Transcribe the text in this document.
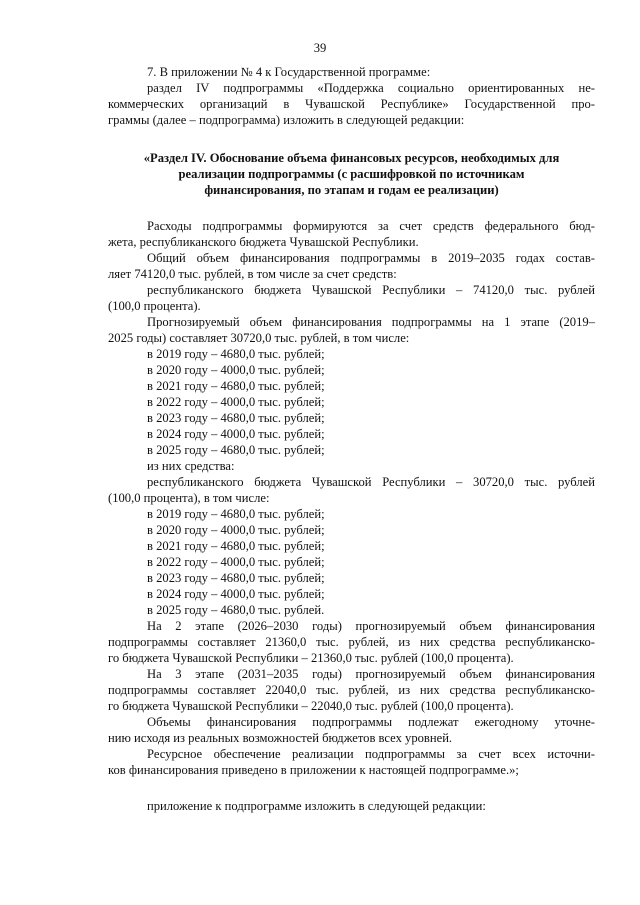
39
7. В приложении № 4 к Государственной программе:
раздел IV подпрограммы «Поддержка социально ориентированных не-
коммерческих организаций в Чувашской Республике» Государственной про-
граммы (далее – подпрограмма) изложить в следующей редакции:
«Раздел IV. Обоснование объема финансовых ресурсов, необходимых для
реализации подпрограммы (с расшифровкой по источникам
финансирования, по этапам и годам ее реализации)
Расходы подпрограммы формируются за счет средств федерального бюд-
жета, республиканского бюджета Чувашской Республики.
Общий объем финансирования подпрограммы в 2019–2035 годах состав-
ляет 74120,0 тыс. рублей, в том числе за счет средств:
республиканского бюджета Чувашской Республики – 74120,0 тыс. рублей
(100,0 процента).
Прогнозируемый объем финансирования подпрограммы на 1 этапе (2019–
2025 годы) составляет 30720,0 тыс. рублей, в том числе:
в 2019 году – 4680,0 тыс. рублей;
в 2020 году – 4000,0 тыс. рублей;
в 2021 году – 4680,0 тыс. рублей;
в 2022 году – 4000,0 тыс. рублей;
в 2023 году – 4680,0 тыс. рублей;
в 2024 году – 4000,0 тыс. рублей;
в 2025 году – 4680,0 тыс. рублей;
из них средства:
республиканского бюджета Чувашской Республики – 30720,0 тыс. рублей
(100,0 процента), в том числе:
в 2019 году – 4680,0 тыс. рублей;
в 2020 году – 4000,0 тыс. рублей;
в 2021 году – 4680,0 тыс. рублей;
в 2022 году – 4000,0 тыс. рублей;
в 2023 году – 4680,0 тыс. рублей;
в 2024 году – 4000,0 тыс. рублей;
в 2025 году – 4680,0 тыс. рублей.
На 2 этапе (2026–2030 годы) прогнозируемый объем финансирования
подпрограммы составляет 21360,0 тыс. рублей, из них средства республиканско-
го бюджета Чувашской Республики – 21360,0 тыс. рублей (100,0 процента).
На 3 этапе (2031–2035 годы) прогнозируемый объем финансирования
подпрограммы составляет 22040,0 тыс. рублей, из них средства республиканско-
го бюджета Чувашской Республики – 22040,0 тыс. рублей (100,0 процента).
Объемы финансирования подпрограммы подлежат ежегодному уточне-
нию исходя из реальных возможностей бюджетов всех уровней.
Ресурсное обеспечение реализации подпрограммы за счет всех источни-
ков финансирования приведено в приложении к настоящей подпрограмме.»;
приложение к подпрограмме изложить в следующей редакции:
